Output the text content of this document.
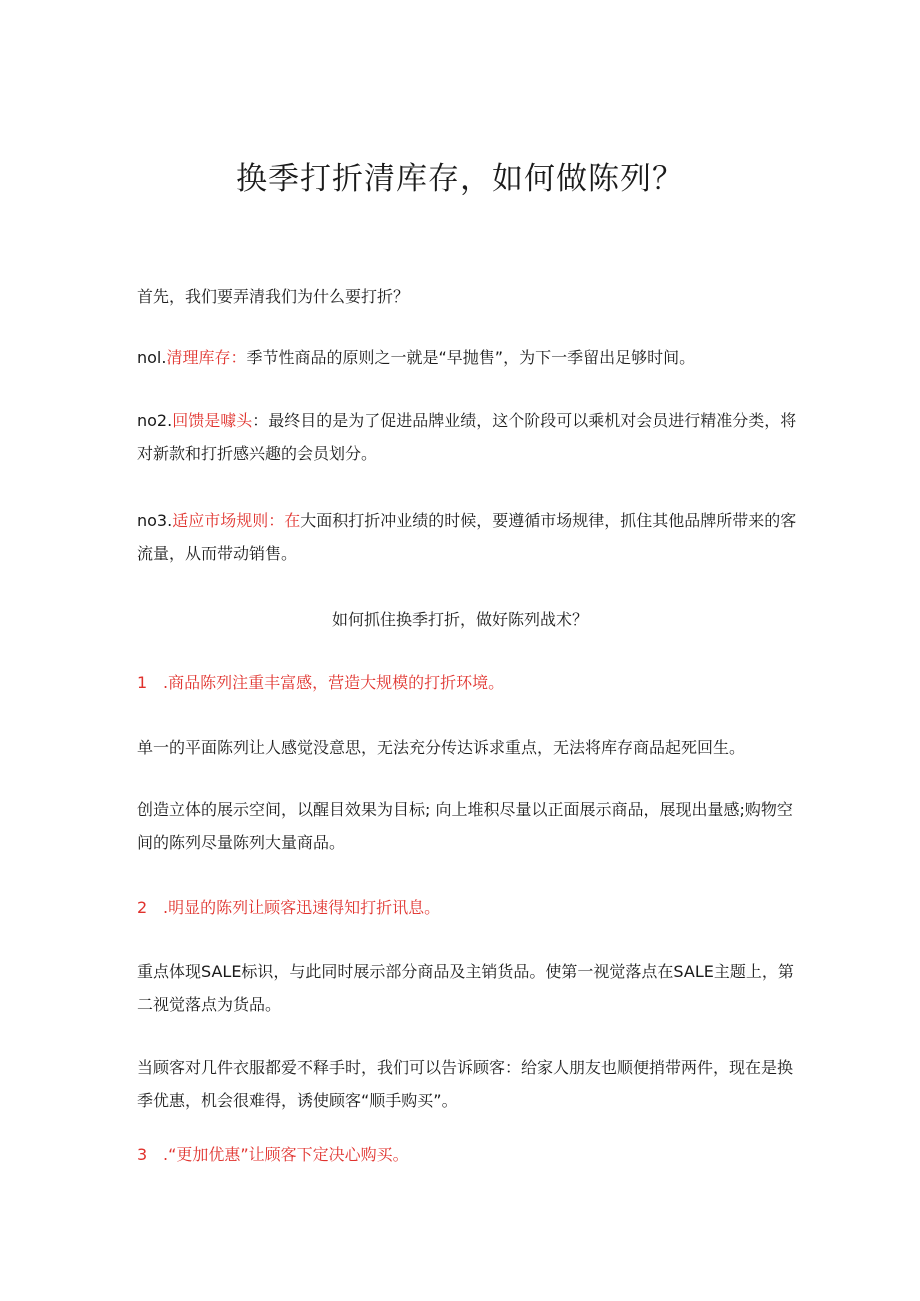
换季打折清库存，如何做陈列？

首先，我们要弄清我们为什么要打折？

nol.清理库存：季节性商品的原则之一就是“早抛售”，为下一季留出足够时间。

no2.回馈是噱头：最终目的是为了促进品牌业绩，这个阶段可以乘机对会员进行精准分类，将对新款和打折感兴趣的会员划分。

no3.适应市场规则：在大面积打折冲业绩的时候，要遵循市场规律，抓住其他品牌所带来的客流量，从而带动销售。

如何抓住换季打折，做好陈列战术？

1 .商品陈列注重丰富感，营造大规模的打折环境。

单一的平面陈列让人感觉没意思，无法充分传达诉求重点，无法将库存商品起死回生。

创造立体的展示空间，以醒目效果为目标; 向上堆积尽量以正面展示商品，展现出量感;购物空间的陈列尽量陈列大量商品。

2 .明显的陈列让顾客迅速得知打折讯息。

重点体现SALE标识，与此同时展示部分商品及主销货品。使第一视觉落点在SALE主题上，第二视觉落点为货品。

当顾客对几件衣服都爱不释手时，我们可以告诉顾客：给家人朋友也顺便捎带两件，现在是换季优惠，机会很难得，诱使顾客“顺手购买”。

3 .“更加优惠”让顾客下定决心购买。
